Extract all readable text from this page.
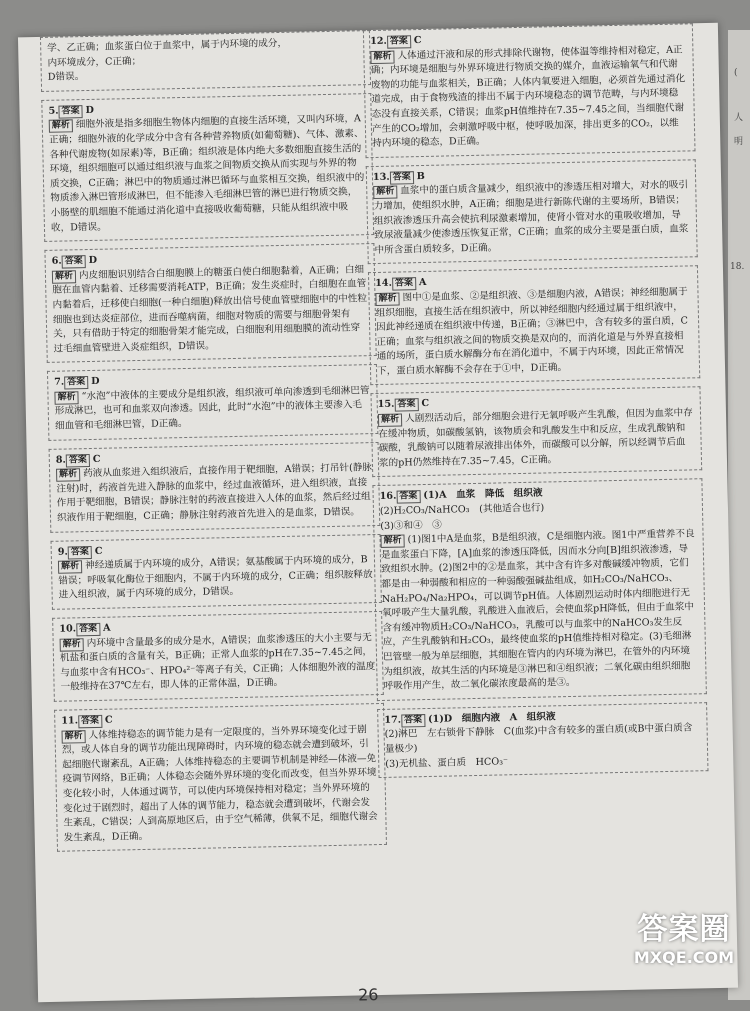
(
人
明
18.

学、乙正确；血浆蛋白位于血浆中，属于内环境的成分，

内环境成分，C正确；

D错误。

5. 答案 D

解析 细胞外液是指多细胞生物体内细胞的直接生活环境，又叫内环境，A正确；细胞外液的化学成分中含有各种营养物质(如葡萄糖)、气体、激素、各种代谢废物(如尿素)等，B正确；组织液是体内绝大多数细胞直接生活的环境，组织细胞可以通过组织液与血浆之间物质交换从而实现与外界的物质交换，C正确；淋巴中的物质通过淋巴循环与血浆相互交换，组织液中的物质渗入淋巴管形成淋巴，但不能渗入毛细淋巴管的淋巴进行物质交换，小肠壁的肌细胞不能通过消化道中直接吸收葡萄糖，只能从组织液中吸收，D错误。

6. 答案 D

解析 内皮细胞识别结合白细胞膜上的糖蛋白使白细胞黏着，A正确；白细胞在血管内黏着、迁移需要消耗ATP，B正确；发生炎症时，白细胞在血管内黏着后，迁移使白细胞(一种白细胞)释放出信号使血管壁细胞中的中性粒细胞也到达炎症部位，进而吞噬病菌，细胞对物质的需要与细胞骨架有关，只有借助于特定的细胞骨架才能完成，白细胞利用细胞膜的流动性穿过毛细血管壁进入炎症组织，D错误。

7. 答案 D

解析 “水泡”中液体的主要成分是组织液，组织液可单向渗透到毛细淋巴管形成淋巴，也可和血浆双向渗透。因此，此时“水泡”中的液体主要渗入毛细血管和毛细淋巴管，D正确。

8. 答案 C

解析 药液从血浆进入组织液后，直接作用于靶细胞，A错误；打吊针(静脉注射)时，药液首先进入静脉的血浆中，经过血液循环，进入组织液，直接作用于靶细胞，B错误；静脉注射的药液直接进入人体的血浆，然后经过组织液作用于靶细胞，C正确；静脉注射药液首先进入的是血浆，D错误。

9. 答案 C

解析 神经递质属于内环境的成分，A错误；氨基酸属于内环境的成分，B错误；呼吸氧化酶位于细胞内，不属于内环境的成分，C正确；组织胺释放进入组织液，属于内环境的成分，D错误。

10. 答案 A

解析 内环境中含量最多的成分是水，A错误；血浆渗透压的大小主要与无机盐和蛋白质的含量有关，B正确；正常人血浆的pH在7.35~7.45之间，与血浆中含有HCO₃⁻、HPO₄²⁻等离子有关，C正确；人体细胞外液的温度一般维持在37℃左右，即人体的正常体温，D正确。

11. 答案 C

解析 人体维持稳态的调节能力是有一定限度的，当外界环境变化过于剧烈，或人体自身的调节功能出现障碍时，内环境的稳态就会遭到破坏，引起细胞代谢紊乱，A正确；人体维持稳态的主要调节机制是神经—体液—免疫调节网络，B正确；人体稳态会随外界环境的变化而改变，但当外界环境变化较小时，人体通过调节，可以使内环境保持相对稳定；当外界环境的变化过于剧烈时，超出了人体的调节能力，稳态就会遭到破坏，代谢会发生紊乱，C错误；人到高原地区后，由于空气稀薄，供氧不足，细胞代谢会发生紊乱，D正确。

12. 答案 C

解析 人体通过汗液和尿的形式排除代谢物，使体温等维持相对稳定，A正确；内环境是细胞与外界环境进行物质交换的媒介，血液运输氧气和代谢废物的功能与血浆相关，B正确；人体内氧要进入细胞，必须首先通过消化道完成，由于食物残渣的排出不属于内环境稳态的调节范畴，与内环境稳态没有直接关系，C错误；血浆pH值维持在7.35~7.45之间，当细胞代谢产生的CO₂增加，会刺激呼吸中枢，使呼吸加深，排出更多的CO₂，以维持内环境的稳态，D正确。

13. 答案 B

解析 血浆中的蛋白质含量减少，组织液中的渗透压相对增大，对水的吸引力增加，使组织水肿，A正确；细胞是进行新陈代谢的主要场所，B错误；组织液渗透压升高会使抗利尿激素增加，使肾小管对水的重吸收增加，导致尿液量减少使渗透压恢复正常，C正确；血浆的成分主要是蛋白质，血浆中所含蛋白质较多，D正确。

14. 答案 A

解析 图中①是血浆、②是组织液、③是细胞内液，A错误；神经细胞属于组织细胞，直接生活在组织液中，所以神经细胞内经通过属于组织液中，因此神经递质在组织液中传递，B正确；③淋巴中，含有较多的蛋白质，C正确；血浆与组织液之间的物质交换是双向的，而消化道是与外界直接相通的场所，蛋白质水解酶分布在消化道中，不属于内环境，因此正常情况下，蛋白质水解酶不会存在于①中，D正确。

15. 答案 C

解析 人剧烈活动后，部分细胞会进行无氧呼吸产生乳酸，但因为血浆中存在缓冲物质，如碳酸氢钠，该物质会和乳酸发生中和反应，生成乳酸钠和碳酸，乳酸钠可以随着尿液排出体外，而碳酸可以分解，所以经调节后血浆的pH仍然维持在7.35~7.45，C正确。

16. 答案 (1)A　血浆　降低　组织液

(2)H₂CO₃/NaHCO₃　(其他适合也行)

(3)③和④　③

解析 (1)图1中A是血浆，B是组织液，C是细胞内液。图1中严重营养不良是血浆蛋白下降，[A]血浆的渗透压降低，因而水分向[B]组织液渗透，导致组织水肿。(2)图2中的②是血浆，其中含有许多对酸碱缓冲物质，它们都是由一种弱酸和相应的一种弱酸强碱盐组成，如H₂CO₃/NaHCO₃、NaH₂PO₄/Na₂HPO₄，可以调节pH值。人体剧烈运动时体内细胞进行无氧呼吸产生大量乳酸，乳酸进入血液后，会使血浆pH降低，但由于血浆中含有缓冲物质H₂CO₃/NaHCO₃，乳酸可以与血浆中的NaHCO₃发生反应，产生乳酸钠和H₂CO₃，最终使血浆的pH值维持相对稳定。(3)毛细淋巴管壁一般为单层细胞，其细胞在管内的内环境为淋巴，在管外的内环境为组织液，故其生活的内环境是③淋巴和④组织液；二氧化碳由组织细胞呼吸作用产生，故二氧化碳浓度最高的是③。

17. 答案 (1)D　细胞内液　A　组织液

(2)淋巴　左右锁骨下静脉　C(血浆)中含有较多的蛋白质(或B中蛋白质含量极少)

(3)无机盐、蛋白质　HCO₃⁻

26
答案圈
MXQE.COM
